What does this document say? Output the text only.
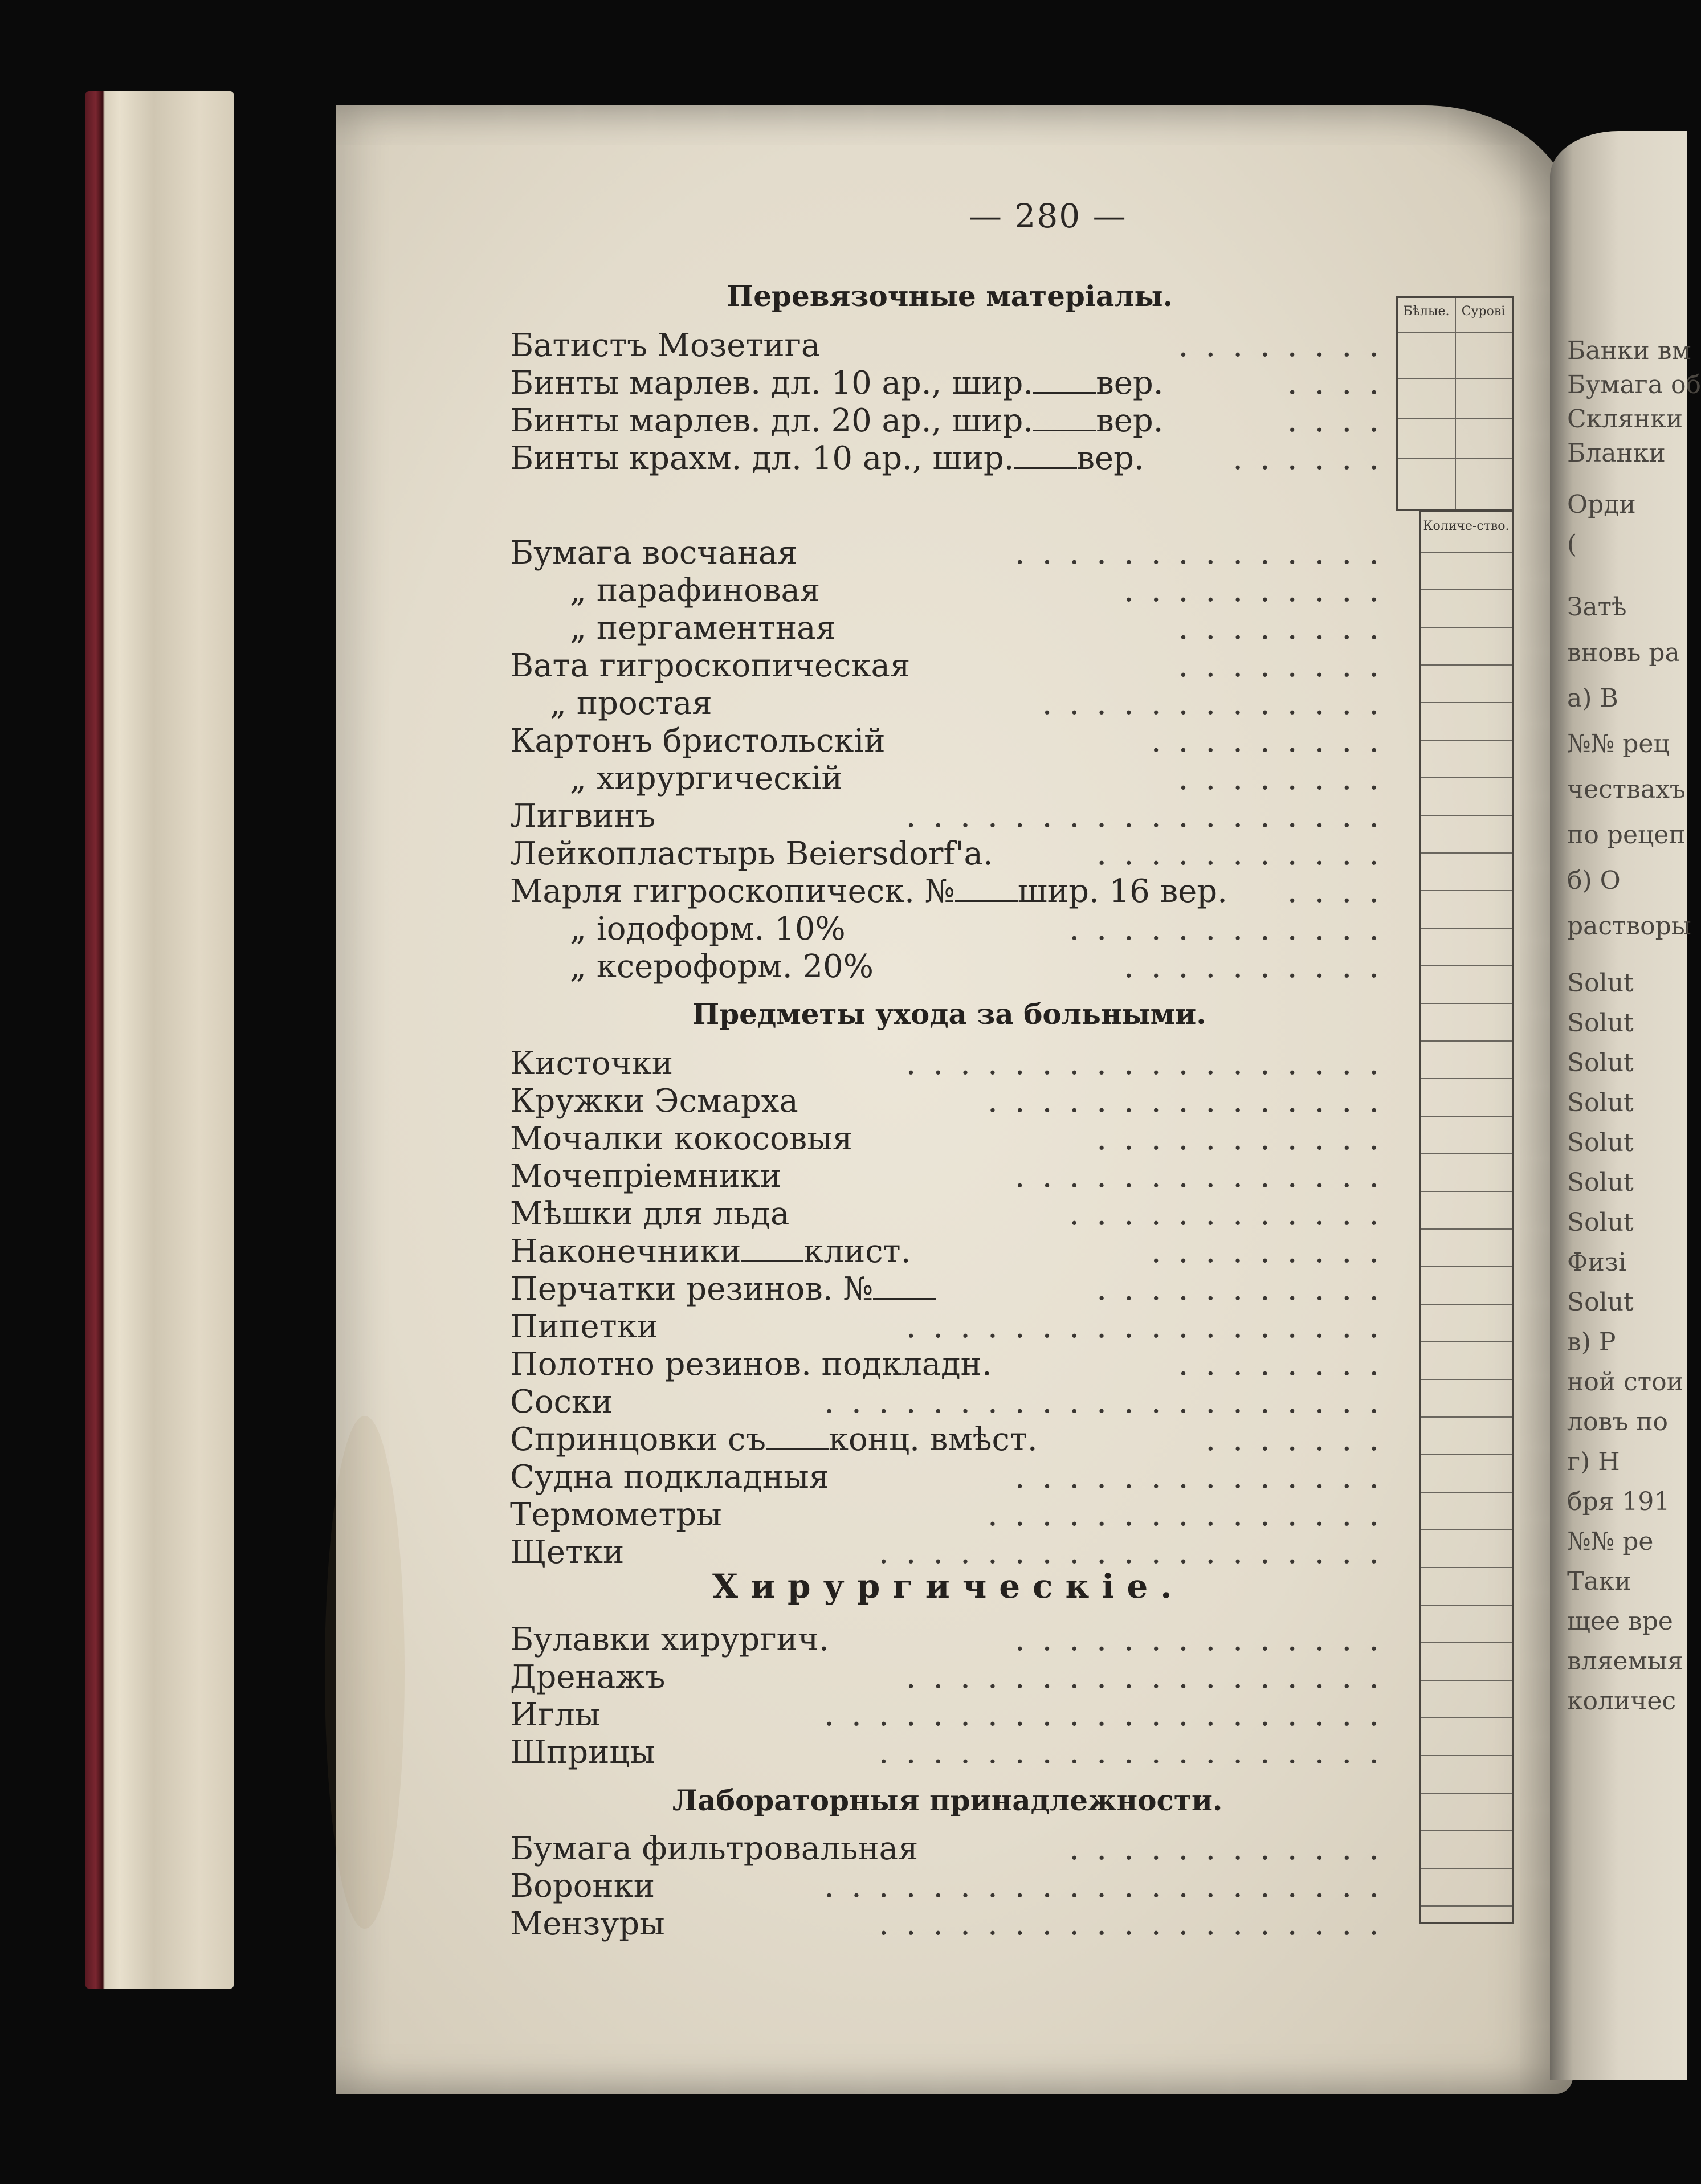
Банки вм
Бумага об
Склянки
Бланки
Орди
(
Затѣ
вновь ра
а) В
№№ рец
чествахъ
по рецеп
б) О
растворы
Solut
Solut
Solut
Solut
Solut
Solut
Solut
Физі
Solut
в) Р
ной стои
ловъ по
г) Н
бря 191
№№ ре
Таки
щее вре
вляемыя
количес
— 280 —
Перевязочные матеріалы.
Батистъ Мозетига	........
Бинты марлев. дл. 10 ар., шир. вер.	....
Бинты марлев. дл. 20 ар., шир. вер.	....
Бинты крахм. дл. 10 ар., шир. вер.	......
Бумага восчаная	..............
„ парафиновая	..........
„ пергаментная	........
Вата гигроскопическая	........
„ простая	.............
Картонъ бристольскій	.........
„ хирургическій	........
Лигвинъ	..................
Лейкопластырь Beiersdorf'a.	...........
Марля гигроскопическ. № шир. 16 вер. ....
„ іодоформ. 10%	............
„ ксероформ. 20%	..........
Предметы ухода за больными.
Кисточки	..................
Кружки Эсмарха	...............
Мочалки кокосовыя	...........
Мочепріемники	..............
Мѣшки для льда	............
Наконечники клист.	.........
Перчатки резинов. №	...........
Пипетки	..................
Полотно резинов. подкладн.	........
Соски	.....................
Спринцовки съ конц. вмѣст.	.......
Судна подкладныя	..............
Термометры	...............
Щетки	...................
Хирургическіе.
Булавки хирургич.	..............
Дренажъ	..................
Иглы	.....................
Шприцы	...................
Лабораторныя принадлежности.
Бумага фильтровальная	............
Воронки	.....................
Мензуры	...................
Бѣлые. Сурові
Количе-ство.
